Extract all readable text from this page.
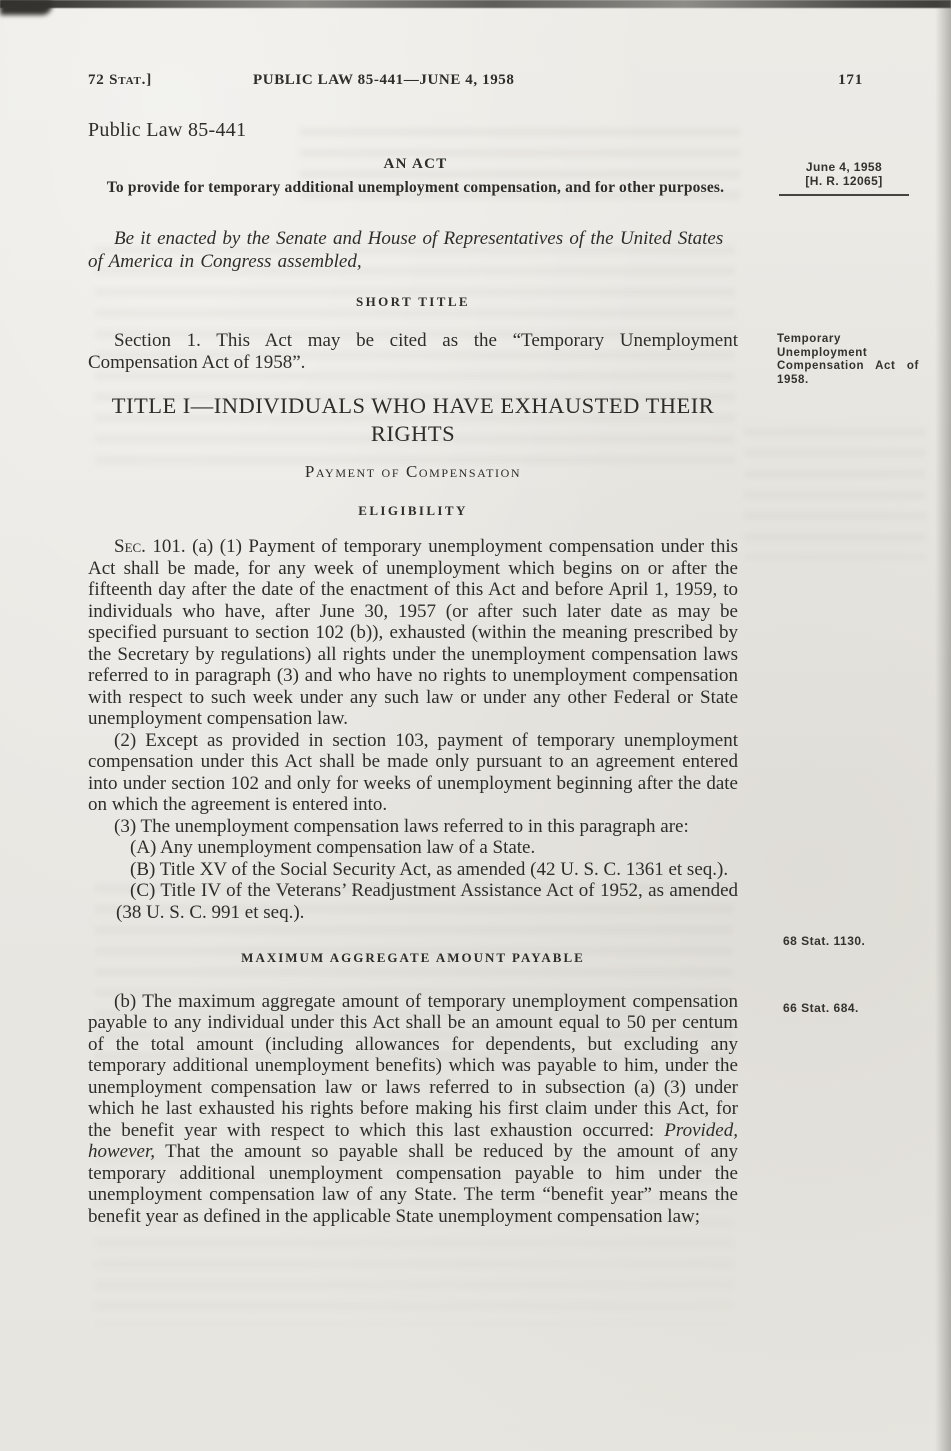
72 Stat.]	PUBLIC LAW 85-441—JUNE 4, 1958	171
Public Law 85-441
AN ACT
To provide for temporary additional unemployment compensation, and for other purposes.
June 4, 1958
[H. R. 12065]

Be it enacted by the Senate and House of Representatives of the United States of America in Congress assembled,

SHORT TITLE

Section 1. This Act may be cited as the “Temporary Unemployment Compensation Act of 1958”.

Temporary Unemployment Compensation Act of 1958.
TITLE I—INDIVIDUALS WHO HAVE EXHAUSTED THEIR RIGHTS
Payment of Compensation
ELIGIBILITY

Sec. 101. (a) (1) Payment of temporary unemployment compensation under this Act shall be made, for any week of unemployment which begins on or after the fifteenth day after the date of the enactment of this Act and before April 1, 1959, to individuals who have, after June 30, 1957 (or after such later date as may be specified pursuant to section 102 (b)), exhausted (within the meaning prescribed by the Secretary by regulations) all rights under the unemployment compensation laws referred to in paragraph (3) and who have no rights to unemployment compensation with respect to such week under any such law or under any other Federal or State unemployment compensation law.

(2) Except as provided in section 103, payment of temporary unemployment compensation under this Act shall be made only pursuant to an agreement entered into under section 102 and only for weeks of unemployment beginning after the date on which the agreement is entered into.

(3) The unemployment compensation laws referred to in this paragraph are:

(A) Any unemployment compensation law of a State.

(B) Title XV of the Social Security Act, as amended (42 U. S. C. 1361 et seq.).

(C) Title IV of the Veterans’ Readjustment Assistance Act of 1952, as amended (38 U. S. C. 991 et seq.).

MAXIMUM AGGREGATE AMOUNT PAYABLE

(b) The maximum aggregate amount of temporary unemployment compensation payable to any individual under this Act shall be an amount equal to 50 per centum of the total amount (including allowances for dependents, but excluding any temporary additional unemployment benefits) which was payable to him, under the unemployment compensation law or laws referred to in subsection (a) (3) under which he last exhausted his rights before making his first claim under this Act, for the benefit year with respect to which this last exhaustion occurred: Provided, however, That the amount so payable shall be reduced by the amount of any temporary additional unemployment compensation payable to him under the unemployment compensation law of any State. The term “benefit year” means the benefit year as defined in the applicable State unemployment compensation law;

68 Stat. 1130.
66 Stat. 684.
